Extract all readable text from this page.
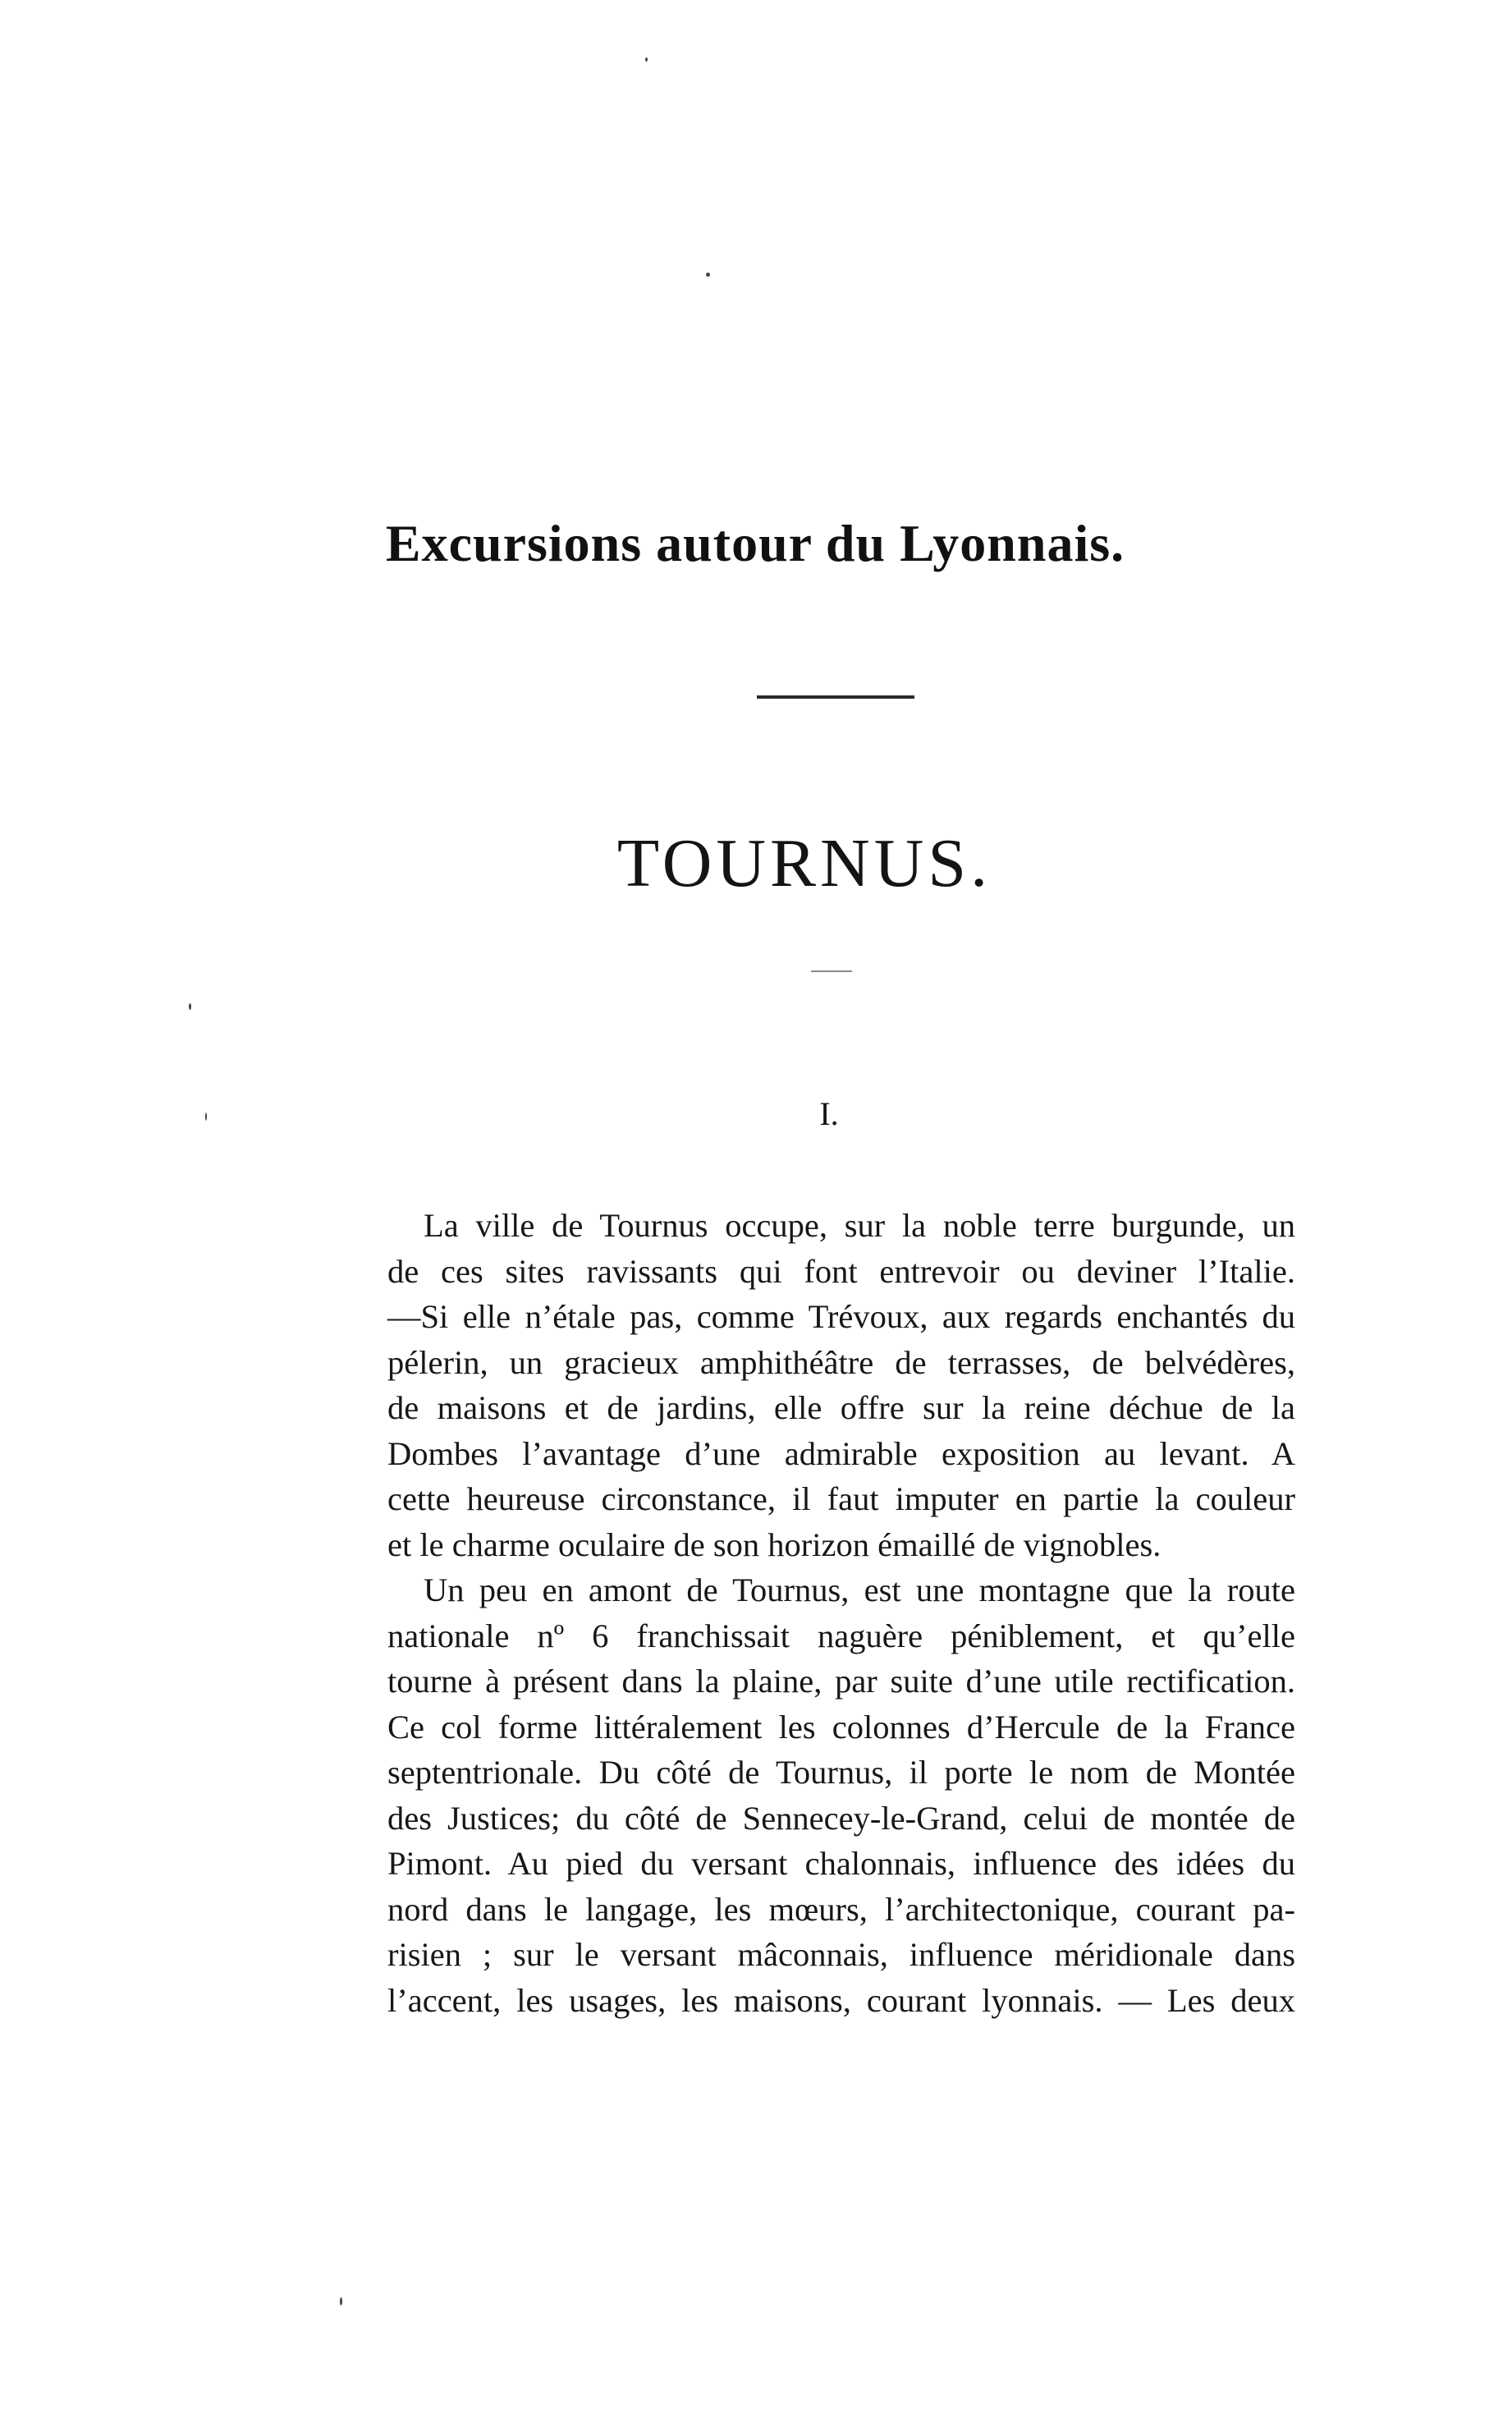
Excursions autour du Lyonnais.
TOURNUS.
I.

La ville de Tournus occupe, sur la noble terre burgunde, un
de ces sites ravissants qui font entrevoir ou deviner l’Italie.
—Si elle n’étale pas, comme Trévoux, aux regards enchantés du
pélerin, un gracieux amphithéâtre de terrasses, de belvédères,
de maisons et de jardins, elle offre sur la reine déchue de la
Dombes l’avantage d’une admirable exposition au levant. A
cette heureuse circonstance, il faut imputer en partie la couleur
et le charme oculaire de son horizon émaillé de vignobles.

Un peu en amont de Tournus, est une montagne que la route
nationale nº 6 franchissait naguère péniblement, et qu’elle
tourne à présent dans la plaine, par suite d’une utile rectification.
Ce col forme littéralement les colonnes d’Hercule de la France
septentrionale. Du côté de Tournus, il porte le nom de Montée
des Justices; du côté de Sennecey-le-Grand, celui de montée de
Pimont. Au pied du versant chalonnais, influence des idées du
nord dans le langage, les mœurs, l’architectonique, courant pa-
risien ; sur le versant mâconnais, influence méridionale dans
l’accent, les usages, les maisons, courant lyonnais. — Les deux
